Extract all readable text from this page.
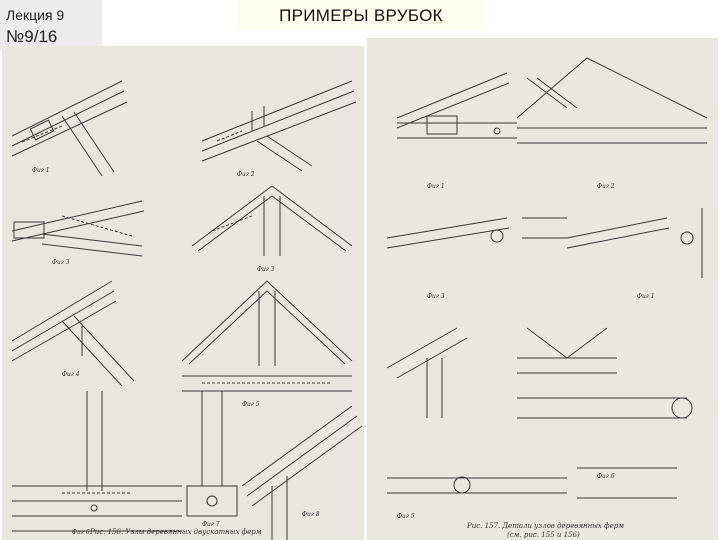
Лекция 9
№9/16
ПРИМЕРЫ ВРУБОК
Фиг 1
Фиг 2
Фиг 3
Фиг 3
Фиг 4
Фиг 5
Фиг 6
Фиг 7
Фиг 8
Рис. 156. Узлы деревянных двускатных ферм
Фиг 1	Фиг 2
Фиг 3	Фиг 1
Фиг 5
Фиг 6
Рис. 157. Детали узлов деревянных ферм
(см. рис. 155 и 156)
